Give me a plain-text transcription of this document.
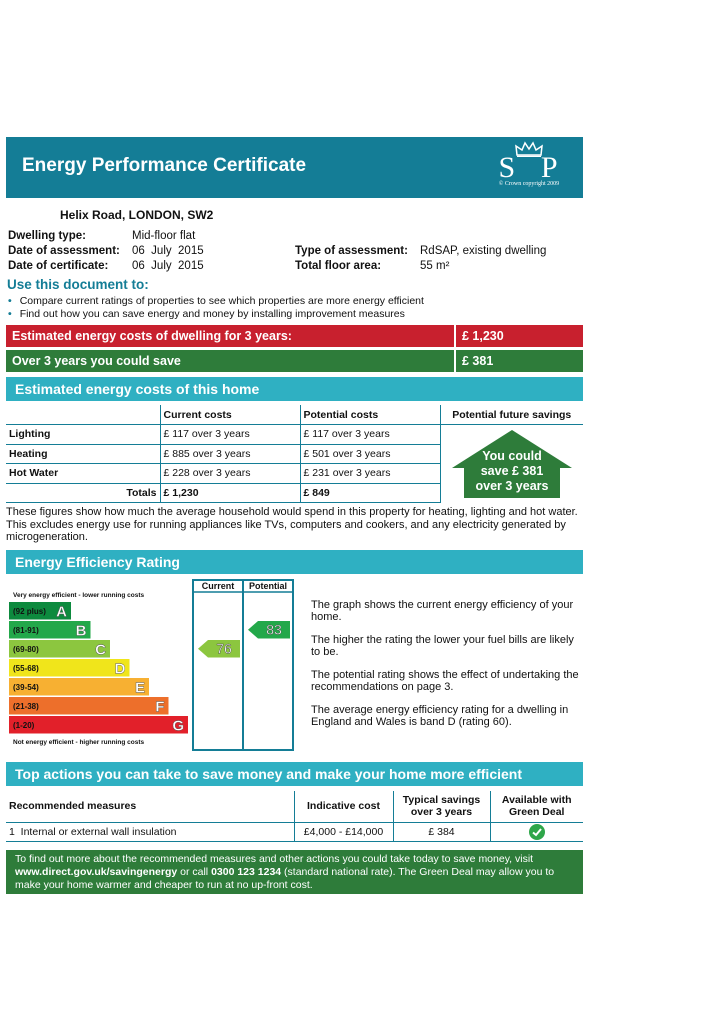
Energy Performance Certificate	S P
© Crown copyright 2009
Helix Road, LONDON, SW2
Dwelling type:	Mid-floor flat
Date of assessment: 06  July  2015
Date of certificate: 06  July  2015
Type of assessment: RdSAP, existing dwelling
Total floor area:	55 m²
Use this document to:
• Compare current ratings of properties to see which properties are more energy efficient
• Find out how you can save energy and money by installing improvement measures
Estimated energy costs of dwelling for 3 years:	£ 1,230
Over 3 years you could save	£ 381
Estimated energy costs of this home
	Current costs	Potential costs	Potential future savings
Lighting	£ 117 over 3 years	£ 117 over 3 years	You could
save £ 381
over 3 years

Heating	£ 885 over 3 years	£ 501 over 3 years	
Hot Water	£ 228 over 3 years	£ 231 over 3 years	
Totals	£ 1,230	£ 849	
These figures show how much the average household would spend in this property for heating, lighting and hot water. This excludes energy use for running appliances like TVs, computers and cookers, and any electricity generated by microgeneration.
Energy Efficiency Rating
Very energy efficient - lower running costs
Not energy efficient - higher running costs
(92 plus) A
(81-91) B
(69-80)	C
(55-68)	D
(39-54)	E
(21-38)	F
(1-20)	G
Current Potential
76
83

The graph shows the current energy efficiency of your home.

The higher the rating the lower your fuel bills are likely to be.

The potential rating shows the effect of undertaking the recommendations on page 3.

The average energy efficiency rating for a dwelling in England and Wales is band D (rating 60).

Top actions you can take to save money and make your home more efficient
Recommended measures	Indicative cost	Typical savings over 3 years	Available with Green Deal
1  Internal or external wall insulation	£4,000 - £14,000	£ 384	
To find out more about the recommended measures and other actions you could take today to save money, visit www.direct.gov.uk/savingenergy or call 0300 123 1234 (standard national rate). The Green Deal may allow you to make your home warmer and cheaper to run at no up-front cost.
